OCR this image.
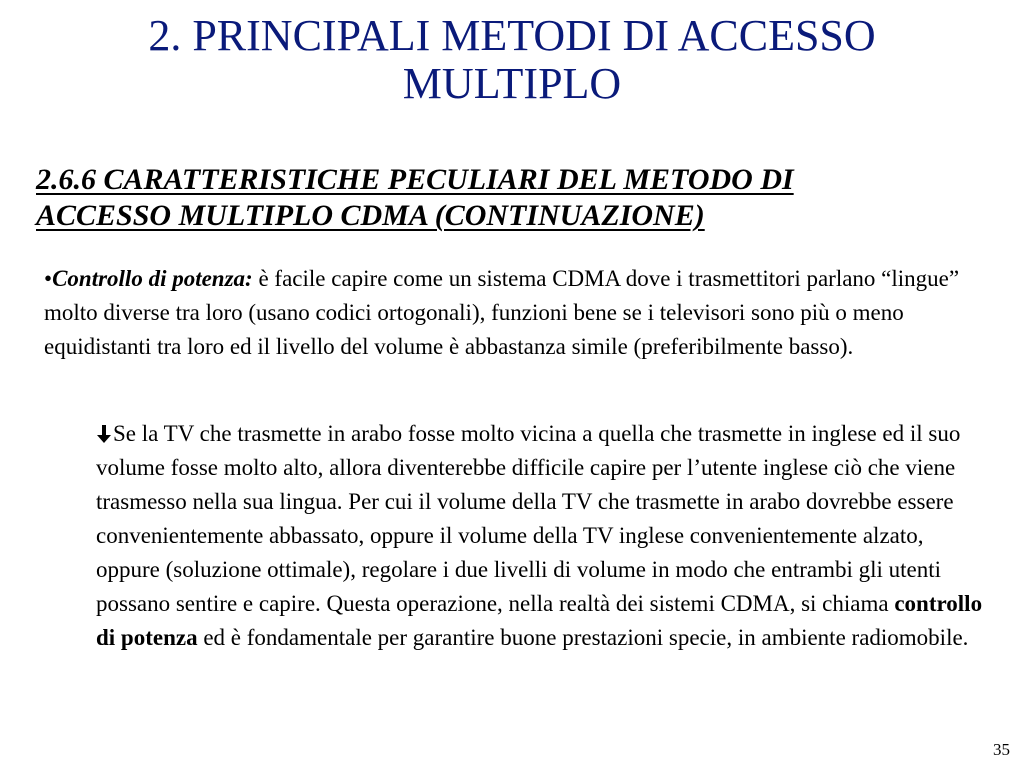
2. PRINCIPALI METODI DI ACCESSO
MULTIPLO
2.6.6 CARATTERISTICHE PECULIARI DEL METODO DI
ACCESSO MULTIPLO CDMA (CONTINUAZIONE)

•Controllo di potenza: è facile capire come un sistema CDMA dove i trasmettitori parlano “lingue” molto diverse tra loro (usano codici ortogonali), funzioni bene se i televisori sono più o meno equidistanti tra loro ed il livello del volume è abbastanza simile (preferibilmente basso).

Se la TV che trasmette in arabo fosse molto vicina a quella che trasmette in inglese ed il suo volume fosse molto alto, allora diventerebbe difficile capire per l’utente inglese ciò che viene trasmesso nella sua lingua. Per cui il volume della TV che trasmette in arabo dovrebbe essere convenientemente abbassato, oppure il volume della TV inglese convenientemente alzato, oppure (soluzione ottimale), regolare i due livelli di volume in modo che entrambi gli utenti possano sentire e capire. Questa operazione, nella realtà dei sistemi CDMA, si chiama controllo di potenza ed è fondamentale per garantire buone prestazioni specie, in ambiente radiomobile.

35
